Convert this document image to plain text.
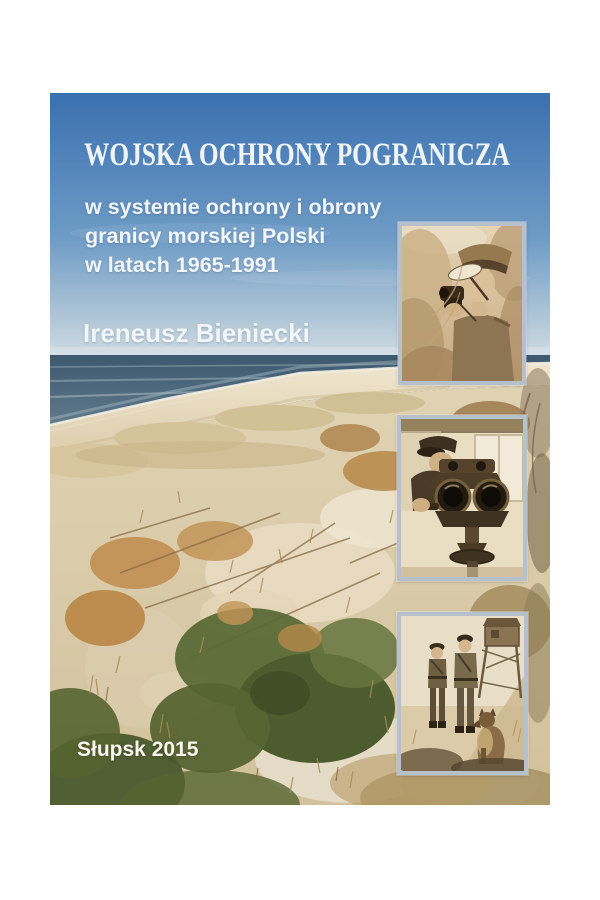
WOJSKA OCHRONY POGRANICZA
w systemie ochrony i obrony
granicy morskiej Polski
w latach 1965-1991
Ireneusz Bieniecki
Słupsk 2015
